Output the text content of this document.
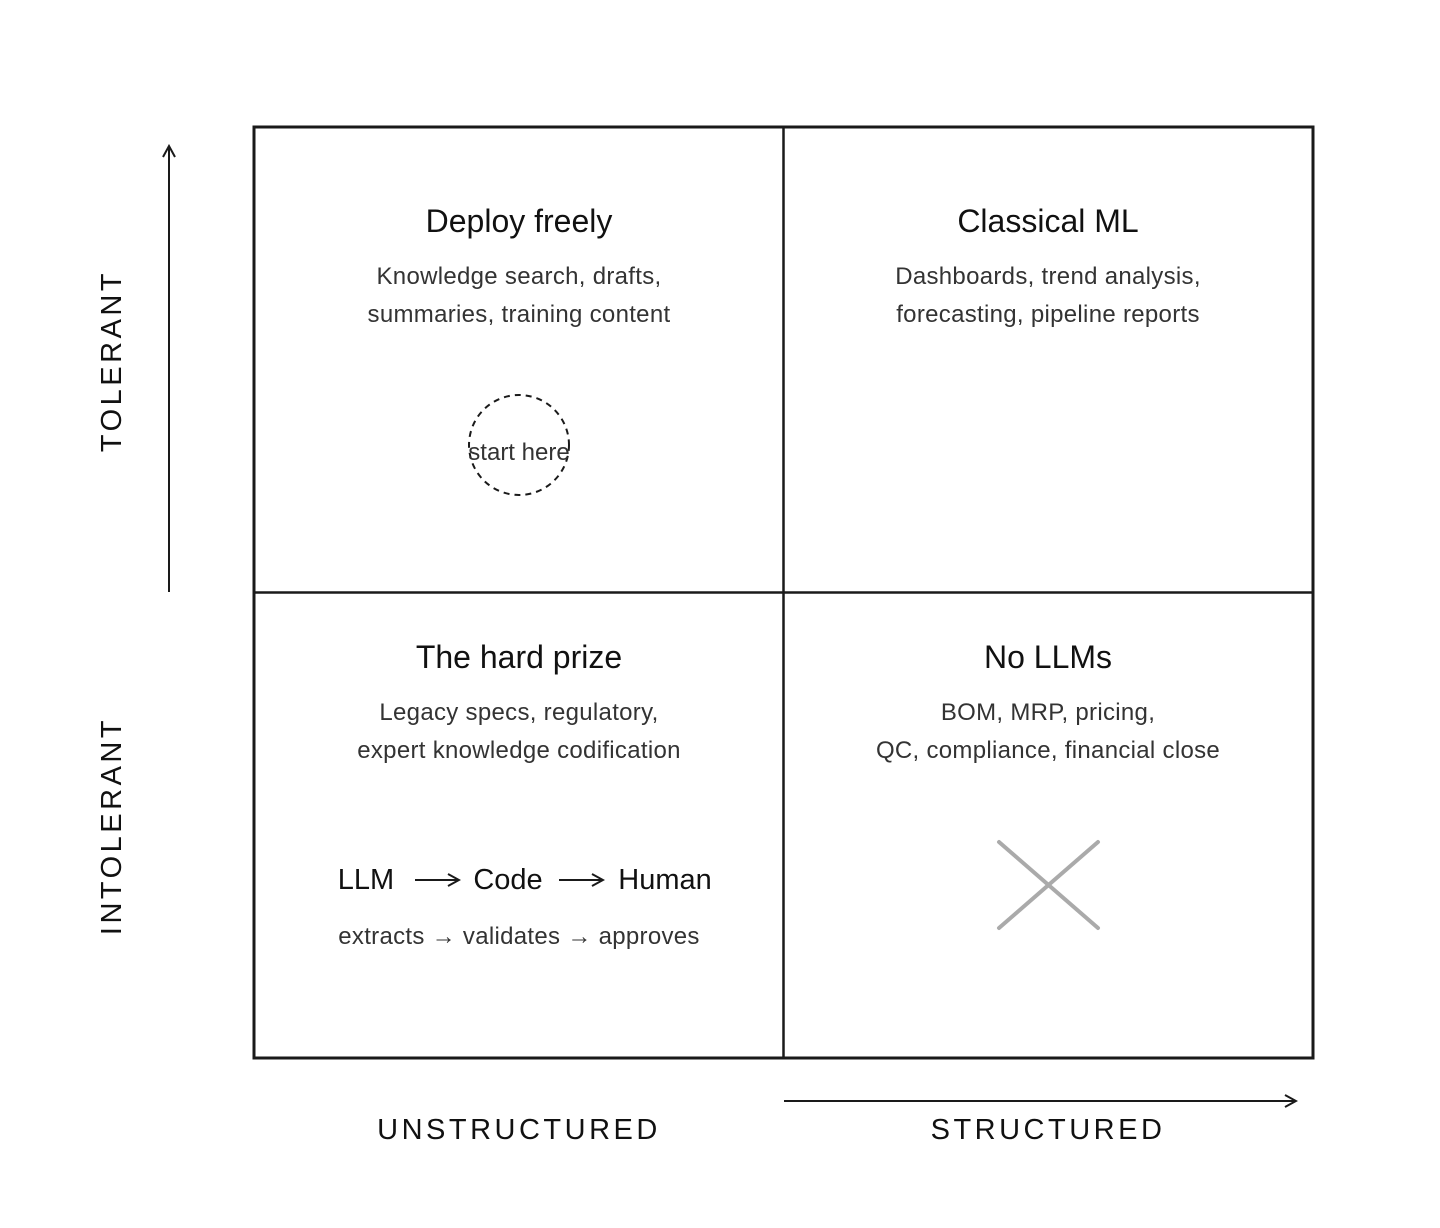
TOLERANT
INTOLERANT
UNSTRUCTURED	STRUCTURED
Deploy freely
Knowledge search, drafts,
summaries, training content
start here
Classical ML
Dashboards, trend analysis,
forecasting, pipeline reports
The hard prize
Legacy specs, regulatory,
expert knowledge codification
LLM	Code	Human
extracts → validates → approves
No LLMs
BOM, MRP, pricing,
QC, compliance, financial close
